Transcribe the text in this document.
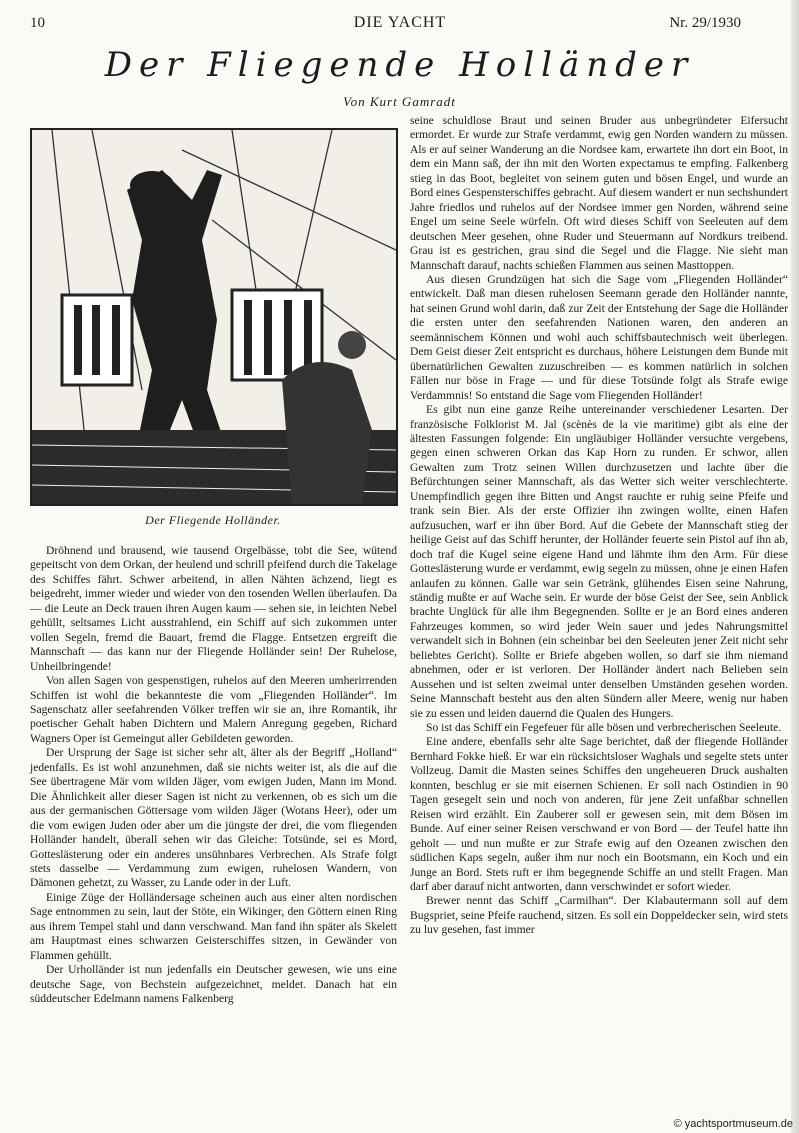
10	DIE YACHT	Nr. 29/1930
Der Fliegende Holländer
Von Kurt Gamradt
Der Fliegende Holländer.

Dröhnend und brausend, wie tausend Orgelbässe, tobt die See, wütend gepeitscht von dem Orkan, der heulend und schrill pfeifend durch die Takelage des Schiffes fährt. Schwer arbeitend, in allen Nähten ächzend, liegt es beigedreht, immer wieder und wieder von den tosenden Wellen überlaufen. Da — die Leute an Deck trauen ihren Augen kaum — sehen sie, in leichten Nebel gehüllt, seltsames Licht ausstrahlend, ein Schiff auf sich zukommen unter vollen Segeln, fremd die Bauart, fremd die Flagge. Entsetzen ergreift die Mannschaft — das kann nur der Fliegende Holländer sein! Der Ruhelose, Unheilbringende!

Von allen Sagen von gespenstigen, ruhelos auf den Meeren umherirrenden Schiffen ist wohl die bekannteste die vom „Fliegenden Holländer“. Im Sagenschatz aller seefahrenden Völker treffen wir sie an, ihre Romantik, ihr poetischer Gehalt haben Dichtern und Malern Anregung gegeben, Richard Wagners Oper ist Gemeingut aller Gebildeten geworden.

Der Ursprung der Sage ist sicher sehr alt, älter als der Begriff „Holland“ jedenfalls. Es ist wohl anzunehmen, daß sie nichts weiter ist, als die auf die See übertragene Mär vom wilden Jäger, vom ewigen Juden, Mann im Mond. Die Ähnlichkeit aller dieser Sagen ist nicht zu verkennen, ob es sich um die aus der germanischen Göttersage vom wilden Jäger (Wotans Heer), oder um die vom ewigen Juden oder aber um die jüngste der drei, die vom fliegenden Holländer handelt, überall sehen wir das Gleiche: Totsünde, sei es Mord, Gotteslästerung oder ein anderes unsühnbares Verbrechen. Als Strafe folgt stets dasselbe — Verdammung zum ewigen, ruhelosen Wandern, von Dämonen gehetzt, zu Wasser, zu Lande oder in der Luft.

Einige Züge der Holländersage scheinen auch aus einer alten nordischen Sage entnommen zu sein, laut der Stöte, ein Wikinger, den Göttern einen Ring aus ihrem Tempel stahl und dann verschwand. Man fand ihn später als Skelett am Hauptmast eines schwarzen Geisterschiffes sitzen, in Gewänder von Flammen gehüllt.

Der Urholländer ist nun jedenfalls ein Deutscher gewesen, wie uns eine deutsche Sage, von Bechstein aufgezeichnet, meldet. Danach hat ein süddeutscher Edelmann namens Falkenberg

seine schuldlose Braut und seinen Bruder aus unbegründeter Eifersucht ermordet. Er wurde zur Strafe verdammt, ewig gen Norden wandern zu müssen. Als er auf seiner Wanderung an die Nordsee kam, erwartete ihn dort ein Boot, in dem ein Mann saß, der ihn mit den Worten expectamus te empfing. Falkenberg stieg in das Boot, begleitet von seinem guten und bösen Engel, und wurde an Bord eines Gespensterschiffes gebracht. Auf diesem wandert er nun sechshundert Jahre friedlos und ruhelos auf der Nordsee immer gen Norden, während seine Engel um seine Seele würfeln. Oft wird dieses Schiff von Seeleuten auf dem deutschen Meer gesehen, ohne Ruder und Steuermann auf Nordkurs treibend. Grau ist es gestrichen, grau sind die Segel und die Flagge. Nie sieht man Mannschaft darauf, nachts schießen Flammen aus seinen Masttoppen.

Aus diesen Grundzügen hat sich die Sage vom „Fliegenden Holländer“ entwickelt. Daß man diesen ruhelosen Seemann gerade den Holländer nannte, hat seinen Grund wohl darin, daß zur Zeit der Entstehung der Sage die Holländer die ersten unter den seefahrenden Nationen waren, den anderen an seemännischem Können und wohl auch schiffsbautechnisch weit überlegen. Dem Geist dieser Zeit entspricht es durchaus, höhere Leistungen dem Bunde mit übernatürlichen Gewalten zuzuschreiben — es kommen natürlich in solchen Fällen nur böse in Frage — und für diese Totsünde folgt als Strafe ewige Verdammnis! So entstand die Sage vom Fliegenden Holländer!

Es gibt nun eine ganze Reihe untereinander verschiedener Lesarten. Der französische Folklorist M. Jal (scènès de la vie maritime) gibt als eine der ältesten Fassungen folgende: Ein ungläubiger Holländer versuchte vergebens, gegen einen schweren Orkan das Kap Horn zu runden. Er schwor, allen Gewalten zum Trotz seinen Willen durchzusetzen und lachte über die Befürchtungen seiner Mannschaft, als das Wetter sich weiter verschlechterte. Unempfindlich gegen ihre Bitten und Angst rauchte er ruhig seine Pfeife und trank sein Bier. Als der erste Offizier ihn zwingen wollte, einen Hafen aufzusuchen, warf er ihn über Bord. Auf die Gebete der Mannschaft stieg der heilige Geist auf das Schiff herunter, der Holländer feuerte sein Pistol auf ihn ab, doch traf die Kugel seine eigene Hand und lähmte ihm den Arm. Für diese Gotteslästerung wurde er verdammt, ewig segeln zu müssen, ohne je einen Hafen anlaufen zu können. Galle war sein Getränk, glühendes Eisen seine Nahrung, ständig mußte er auf Wache sein. Er wurde der böse Geist der See, sein Anblick brachte Unglück für alle ihm Begegnenden. Sollte er je an Bord eines anderen Fahrzeuges kommen, so wird jeder Wein sauer und jedes Nahrungsmittel verwandelt sich in Bohnen (ein scheinbar bei den Seeleuten jener Zeit nicht sehr beliebtes Gericht). Sollte er Briefe abgeben wollen, so darf sie ihm niemand abnehmen, oder er ist verloren. Der Holländer ändert nach Belieben sein Aussehen und ist selten zweimal unter denselben Umständen gesehen worden. Seine Mannschaft besteht aus den alten Sündern aller Meere, wenig nur haben sie zu essen und leiden dauernd die Qualen des Hungers.

So ist das Schiff ein Fegefeuer für alle bösen und verbrecherischen Seeleute.

Eine andere, ebenfalls sehr alte Sage berichtet, daß der fliegende Holländer Bernhard Fokke hieß. Er war ein rücksichtsloser Waghals und segelte stets unter Vollzeug. Damit die Masten seines Schiffes den ungeheueren Druck aushalten konnten, beschlug er sie mit eisernen Schienen. Er soll nach Ostindien in 90 Tagen gesegelt sein und noch von anderen, für jene Zeit unfaßbar schnellen Reisen wird erzählt. Ein Zauberer soll er gewesen sein, mit dem Bösen im Bunde. Auf einer seiner Reisen verschwand er von Bord — der Teufel hatte ihn geholt — und nun mußte er zur Strafe ewig auf den Ozeanen zwischen den südlichen Kaps segeln, außer ihm nur noch ein Bootsmann, ein Koch und ein Junge an Bord. Stets ruft er ihm begegnende Schiffe an und stellt Fragen. Man darf aber darauf nicht antworten, dann verschwindet er sofort wieder.

Brewer nennt das Schiff „Carmilhan“. Der Klabautermann soll auf dem Bugspriet, seine Pfeife rauchend, sitzen. Es soll ein Doppeldecker sein, wird stets zu luv gesehen, fast immer

© yachtsportmuseum.de
